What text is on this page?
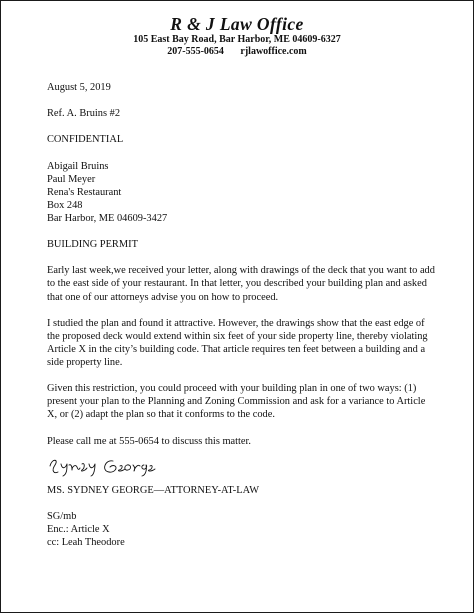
R & J Law Office
105 East Bay Road, Bar Harbor, ME 04609-6327
207-555-0654 rjlawoffice.com

August 5, 2019

Ref. A. Bruins #2

CONFIDENTIAL

Abigail Bruins
Paul Meyer
Rena's Restaurant
Box 248
Bar Harbor, ME 04609-3427

BUILDING PERMIT

Early last week,we received your letter, along with drawings of the deck that you want to add to the east side of your restaurant. In that letter, you described your building plan and asked that one of our attorneys advise you on how to proceed.

I studied the plan and found it attractive. However, the drawings show that the east edge of the proposed deck would extend within six feet of your side property line, thereby violating Article X in the city’s building code. That article requires ten feet between a building and a side property line.

Given this restriction, you could proceed with your building plan in one of two ways: (1) present your plan to the Planning and Zoning Commission and ask for a variance to Article X, or (2) adapt the plan so that it conforms to the code.

Please call me at 555-0654 to discuss this matter.

MS. SYDNEY GEORGE—ATTORNEY-AT-LAW

SG/mb
Enc.: Article X
cc: Leah Theodore
